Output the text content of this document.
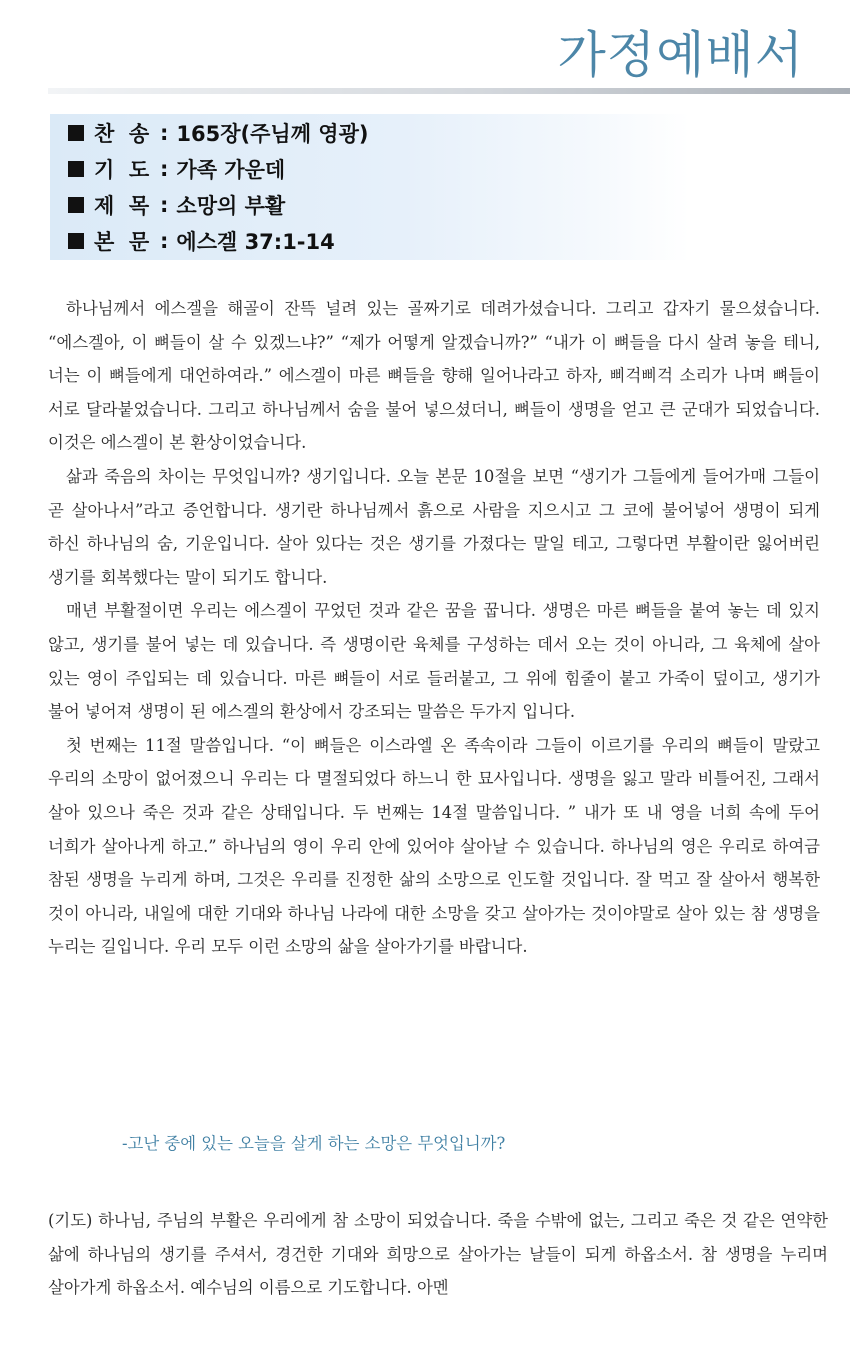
가정예배서
찬  송 : 165장(주님께 영광)
기  도 : 가족 가운데
제  목 : 소망의 부활
본  문 : 에스겔 37:1-14

하나님께서 에스겔을 해골이 잔뜩 널려 있는 골짜기로 데려가셨습니다. 그리고 갑자기 물으셨습니다. “에스겔아, 이 뼈들이 살 수 있겠느냐?” “제가 어떻게 알겠습니까?” “내가 이 뼈들을 다시 살려 놓을 테니, 너는 이 뼈들에게 대언하여라.” 에스겔이 마른 뼈들을 향해 일어나라고 하자, 삐걱삐걱 소리가 나며 뼈들이 서로 달라붙었습니다. 그리고 하나님께서 숨을 불어 넣으셨더니, 뼈들이 생명을 얻고 큰 군대가 되었습니다. 이것은 에스겔이 본 환상이었습니다.

삶과 죽음의 차이는 무엇입니까? 생기입니다. 오늘 본문 10절을 보면 “생기가 그들에게 들어가매 그들이 곧 살아나서”라고 증언합니다. 생기란 하나님께서 흙으로 사람을 지으시고 그 코에 불어넣어 생명이 되게 하신 하나님의 숨, 기운입니다. 살아 있다는 것은 생기를 가졌다는 말일 테고, 그렇다면 부활이란 잃어버린 생기를 회복했다는 말이 되기도 합니다.

매년 부활절이면 우리는 에스겔이 꾸었던 것과 같은 꿈을 꿉니다. 생명은 마른 뼈들을 붙여 놓는 데 있지 않고, 생기를 불어 넣는 데 있습니다. 즉 생명이란 육체를 구성하는 데서 오는 것이 아니라, 그 육체에 살아 있는 영이 주입되는 데 있습니다. 마른 뼈들이 서로 들러붙고, 그 위에 힘줄이 붙고 가죽이 덮이고, 생기가 불어 넣어져 생명이 된 에스겔의 환상에서 강조되는 말씀은 두가지 입니다.

첫 번째는 11절 말씀입니다. “이 뼈들은 이스라엘 온 족속이라 그들이 이르기를 우리의 뼈들이 말랐고 우리의 소망이 없어졌으니 우리는 다 멸절되었다 하느니 한 묘사입니다. 생명을 잃고 말라 비틀어진, 그래서 살아 있으나 죽은 것과 같은 상태입니다. 두 번째는 14절 말씀입니다. ” 내가 또 내 영을 너희 속에 두어 너희가 살아나게 하고.” 하나님의 영이 우리 안에 있어야 살아날 수 있습니다. 하나님의 영은 우리로 하여금 참된 생명을 누리게 하며, 그것은 우리를 진정한 삶의 소망으로 인도할 것입니다. 잘 먹고 잘 살아서 행복한 것이 아니라, 내일에 대한 기대와 하나님 나라에 대한 소망을 갖고 살아가는 것이야말로 살아 있는 참 생명을 누리는 길입니다. 우리 모두 이런 소망의 삶을 살아가기를 바랍니다.

-고난 중에 있는 오늘을 살게 하는 소망은 무엇입니까?
(기도) 하나님, 주님의 부활은 우리에게 참 소망이 되었습니다. 죽을 수밖에 없는, 그리고 죽은 것 같은 연약한 삶에 하나님의 생기를 주셔서, 경건한 기대와 희망으로 살아가는 날들이 되게 하옵소서. 참 생명을 누리며 살아가게 하옵소서. 예수님의 이름으로 기도합니다. 아멘
